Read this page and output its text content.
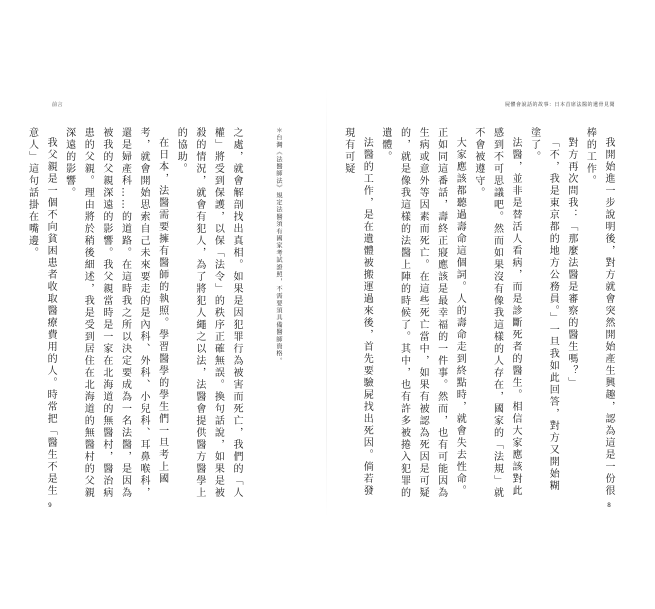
前言

之處，就會解剖找出真相。如果是因犯罪行為被害而死亡，我們的「人權」將受到保護，以保「法令」的秩序正確無誤。換句話說，如果是被殺的情況，就會有犯人，為了將犯人繩之以法，法醫會提供醫方醫學上的協助。

在日本，法醫需要擁有醫師的執照。學習醫學的學生們一旦考上國考，就會開始思索自己未來要走的是內科、外科、小兒科、耳鼻喉科，還是婦產科……的道路。在這時我之所以決定要成為一名法醫，是因為被我的父親深遠的影響。我父親當時是一家在北海道的無醫村，醫治病患的父親。理由將於稍後細述，我是受到居住在北海道的無醫村的父親深遠的影響。

我父親是一個不向貧困患者收取醫療費用的人。時常把「醫生不是生意人」這句話掛在嘴邊。	＊台灣《法醫師法》規定法醫須有國家考試證照，不需要須具備醫師資格。
9
屍體會說話的故事：日本首席法醫的遺骨見聞

我開始進一步說明後，對方就會突然開始產生興趣，認為這是一份很棒的工作。

對方再次問我：「那麼法醫是審察的醫生嗎？」

「不，我是東京都的地方公務員。」一旦我如此回答，對方又開始糊塗了。

法醫，並非是替活人看病，而是診斷死者的醫生。相信大家應該對此感到不可思議吧。然而如果沒有像我這樣的人存在，國家的「法規」就不會被遵守。

大家應該都聽過壽命這個詞。人的壽命走到終點時，就會失去性命。正如同這番話，壽終正寢應該是最幸福的一件事。然而，也有可能因為生病或意外等因素而死亡。在這些死亡當中，如果有被認為死因是可疑的，就是像我這樣的法醫上陣的時候了。其中，也有許多被捲入犯罪的遺體。

法醫的工作，是在遺體被搬運過來後，首先要驗屍找出死因。倘若發現有可疑

8
